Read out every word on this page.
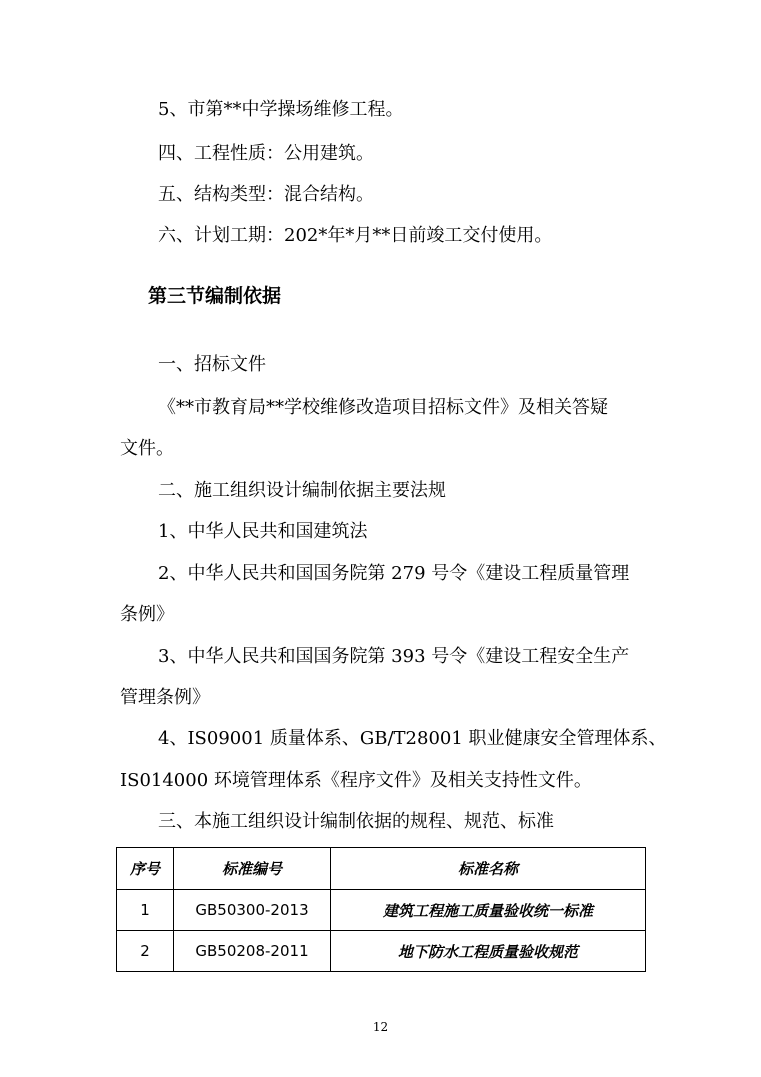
5、市第**中学操场维修工程。
四、工程性质：公用建筑。
五、结构类型：混合结构。
六、计划工期：202*年*月**日前竣工交付使用。
第三节编制依据
一、招标文件
《**市教育局**学校维修改造项目招标文件》及相关答疑
文件。
二、施工组织设计编制依据主要法规
1、中华人民共和国建筑法
2、中华人民共和国国务院第 279 号令《建设工程质量管理
条例》
3、中华人民共和国国务院第 393 号令《建设工程安全生产
管理条例》
4、IS09001 质量体系、GB/T28001 职业健康安全管理体系、
IS014000 环境管理体系《程序文件》及相关支持性文件。
三、本施工组织设计编制依据的规程、规范、标准
序号	标准编号	标准名称
1	GB50300-2013	建筑工程施工质量验收统一标准
2	GB50208-2011	地下防水工程质量验收规范
12
